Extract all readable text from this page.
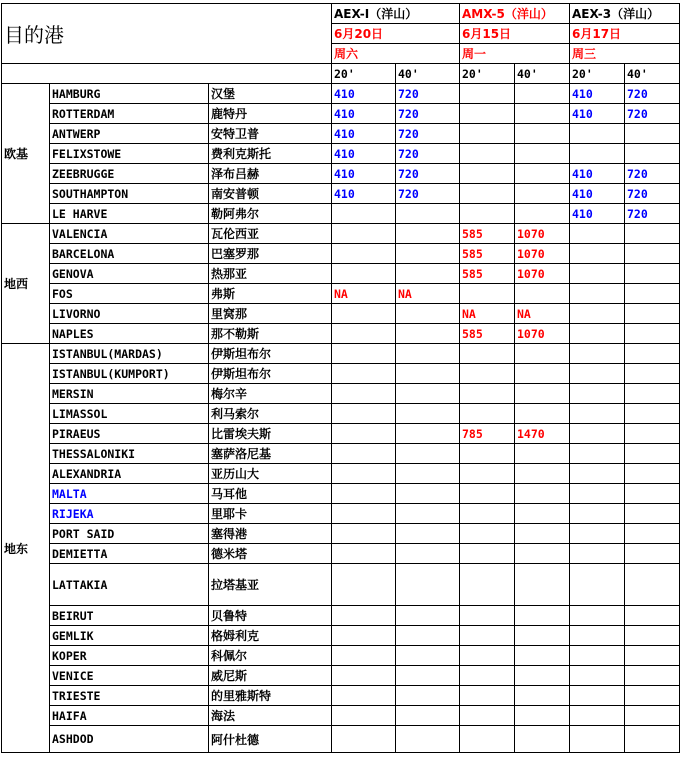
目的港			AEX-I（洋山）		AMX-5（洋山）		AEX-3（洋山）	
			6月20日		6月15日		6月17日	
			周六		周一		周三	
			20'	40'	20'	40'	20'	40'
欧基	HAMBURG	汉堡	410	720			410	720
	ROTTERDAM	鹿特丹	410	720			410	720
	ANTWERP	安特卫普	410	720				
	FELIXSTOWE	费利克斯托	410	720				
	ZEEBRUGGE	泽布吕赫	410	720			410	720
	SOUTHAMPTON	南安普顿	410	720			410	720
	LE HARVE	勒阿弗尔					410	720
地西	VALENCIA	瓦伦西亚			585	1070		
	BARCELONA	巴塞罗那			585	1070		
	GENOVA	热那亚			585	1070		
	FOS	弗斯	NA	NA				
	LIVORNO	里窝那			NA	NA		
	NAPLES	那不勒斯			585	1070		
地东	ISTANBUL(MARDAS)	伊斯坦布尔						
	ISTANBUL(KUMPORT)	伊斯坦布尔						
	MERSIN	梅尔辛						
	LIMASSOL	利马索尔						
	PIRAEUS	比雷埃夫斯			785	1470		
	THESSALONIKI	塞萨洛尼基						
	ALEXANDRIA	亚历山大						
	MALTA	马耳他						
	RIJEKA	里耶卡						
	PORT SAID	塞得港						
	DEMIETTA	德米塔						
	LATTAKIA	拉塔基亚						
	BEIRUT	贝鲁特						
	GEMLIK	格姆利克						
	KOPER	科佩尔						
	VENICE	威尼斯						
	TRIESTE	的里雅斯特						
	HAIFA	海法						
	ASHDOD	阿什杜德						
